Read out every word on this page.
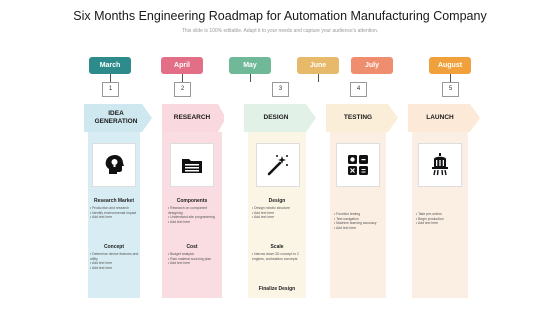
Six Months Engineering Roadmap for Automation Manufacturing Company
This slide is 100% editable. Adapt it to your needs and capture your audience's attention.
March
1
IDEA GENERATION
Research Market
• Production and research
• Identify environmental impact
• Add text here
Concept
• Determine device features and utility
• Add text here
• Add text here
April
2
RESEARCH
Components
• Research on component designing
• Understand site programming
• Add text here
Cost
• Budget analysis
• Raw material sourcing plan
• Add text here
May
3
DESIGN
Design
• Design robotic structure
• Add text here
• Add text here
Scale
• Narrow down 3D concept to 2 engines, workstation concepts
Finalize Design
June
4
TESTING
• Function testing
• Test navigation
• Machine learning accuracy
• Add text here
July	August
5
LAUNCH
• Take pre-orders
• Begin production
• Add text here
